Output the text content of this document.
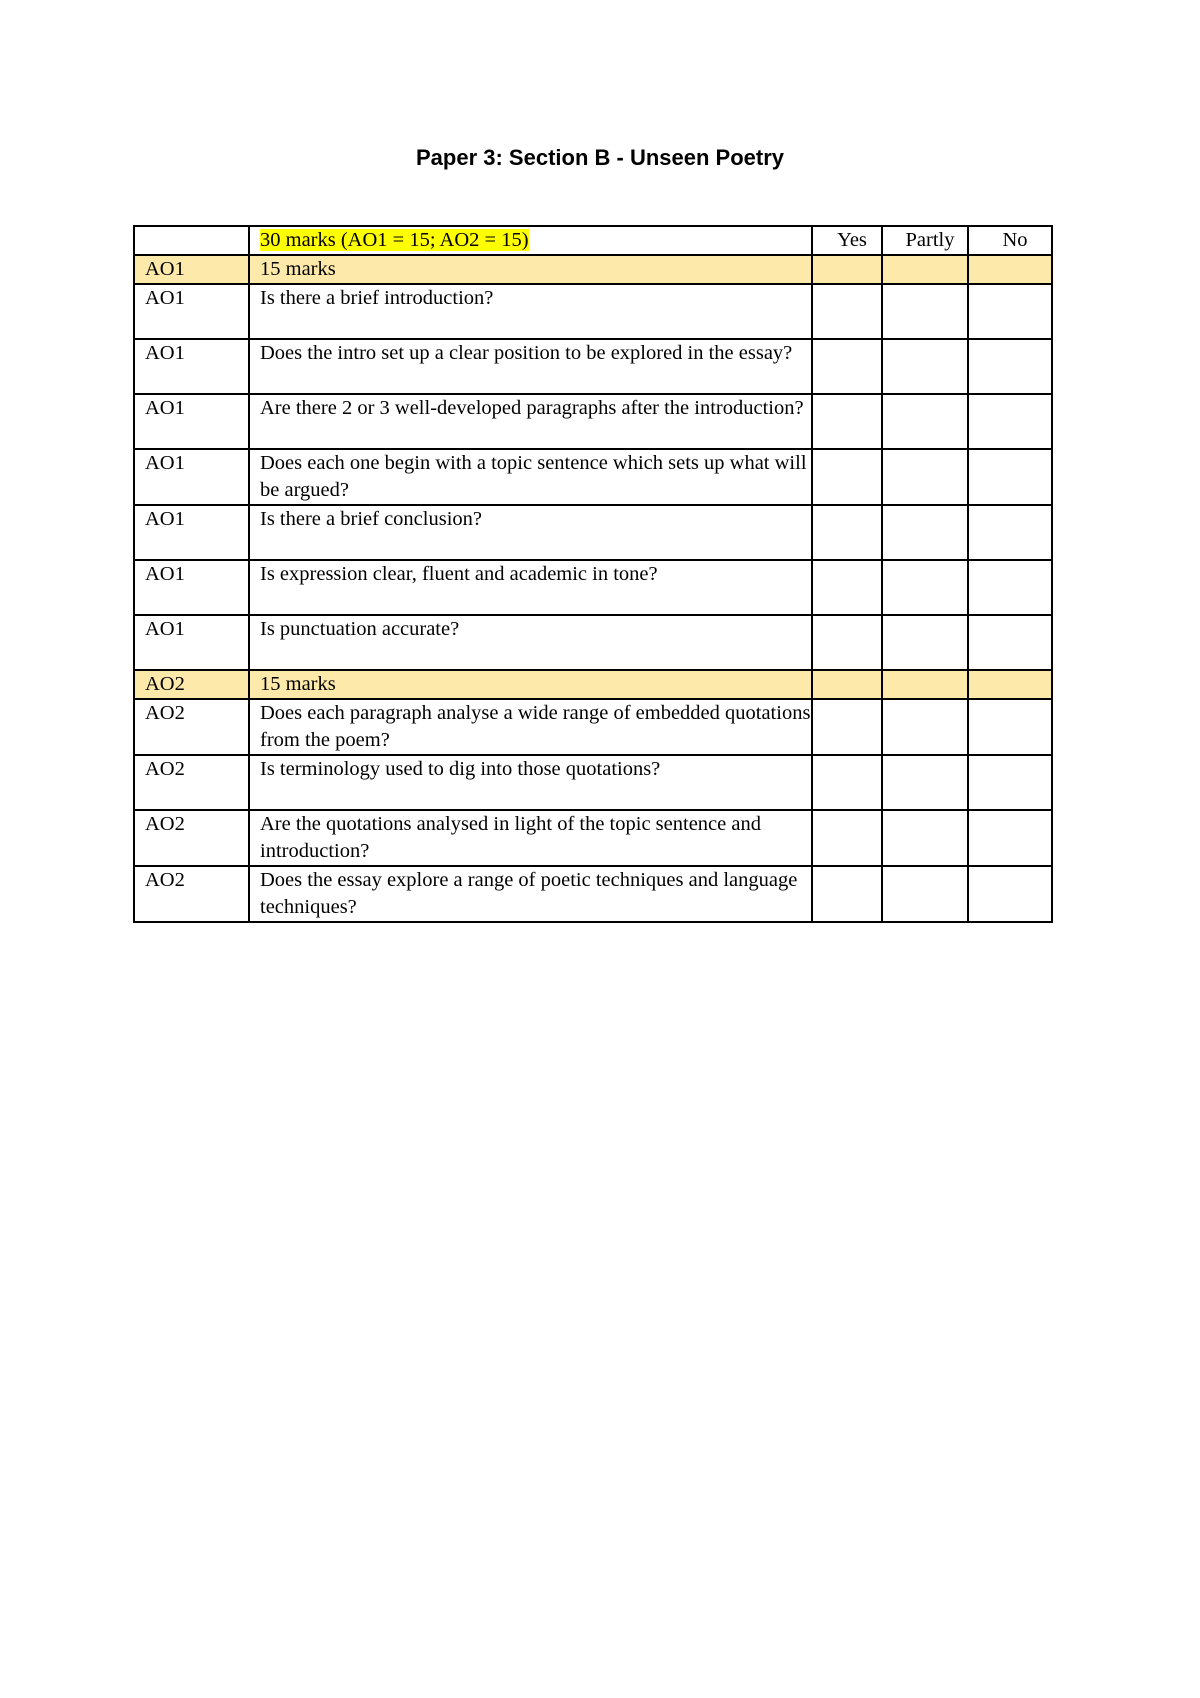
Paper 3: Section B - Unseen Poetry
	30 marks (AO1 = 15; AO2 = 15)	Yes	Partly	No
AO1	15 marks			
AO1	Is there a brief introduction?			
AO1	Does the intro set up a clear position to be explored in the essay?			
AO1	Are there 2 or 3 well-developed paragraphs after the introduction?			
AO1	Does each one begin with a topic sentence which sets up what will be argued?			
AO1	Is there a brief conclusion?			
AO1	Is expression clear, fluent and academic in tone?			
AO1	Is punctuation accurate?			
AO2	15 marks			
AO2	Does each paragraph analyse a wide range of embedded quotations from the poem?			
AO2	Is terminology used to dig into those quotations?			
AO2	Are the quotations analysed in light of the topic sentence and introduction?			
AO2	Does the essay explore a range of poetic techniques and language techniques?			
